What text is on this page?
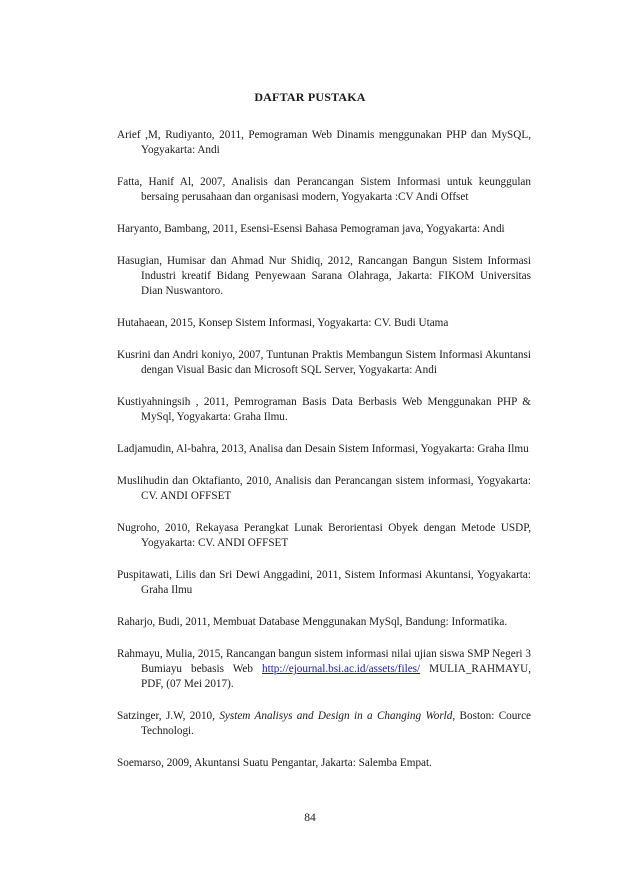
DAFTAR PUSTAKA
Arief ,M, Rudiyanto, 2011, Pemograman Web Dinamis menggunakan PHP dan MySQL, Yogyakarta: Andi
Fatta, Hanif Al, 2007, Analisis dan Perancangan Sistem Informasi untuk keunggulan bersaing perusahaan dan organisasi modern, Yogyakarta :CV Andi Offset
Haryanto, Bambang, 2011, Esensi-Esensi Bahasa Pemograman java, Yogyakarta: Andi
Hasugian, Humisar dan Ahmad Nur Shidiq, 2012, Rancangan Bangun Sistem Informasi Industri kreatif Bidang Penyewaan Sarana Olahraga, Jakarta: FIKOM Universitas Dian Nuswantoro.
Hutahaean, 2015, Konsep Sistem Informasi, Yogyakarta: CV. Budi Utama
Kusrini dan Andri koniyo, 2007, Tuntunan Praktis Membangun Sistem Informasi Akuntansi dengan Visual Basic dan Microsoft SQL Server, Yogyakarta: Andi
Kustiyahningsih , 2011, Pemrograman Basis Data Berbasis Web Menggunakan PHP & MySql, Yogyakarta: Graha Ilmu.
Ladjamudin, Al-bahra, 2013, Analisa dan Desain Sistem Informasi, Yogyakarta: Graha Ilmu
Muslihudin dan Oktafianto, 2010, Analisis dan Perancangan sistem informasi, Yogyakarta: CV. ANDI OFFSET
Nugroho, 2010, Rekayasa Perangkat Lunak Berorientasi Obyek dengan Metode USDP, Yogyakarta: CV. ANDI OFFSET
Puspitawati, Lilis dan Sri Dewi Anggadini, 2011, Sistem Informasi Akuntansi, Yogyakarta: Graha Ilmu
Raharjo, Budi, 2011, Membuat Database Menggunakan MySql, Bandung: Informatika.
Rahmayu, Mulia, 2015, Rancangan bangun sistem informasi nilai ujian siswa SMP Negeri 3 Bumiayu bebasis Web http://ejournal.bsi.ac.id/assets/files/ MULIA_RAHMAYU, PDF, (07 Mei 2017).
Satzinger, J.W, 2010, System Analisys and Design in a Changing World, Boston: Cource Technologi.
Soemarso, 2009, Akuntansi Suatu Pengantar, Jakarta: Salemba Empat.
84
